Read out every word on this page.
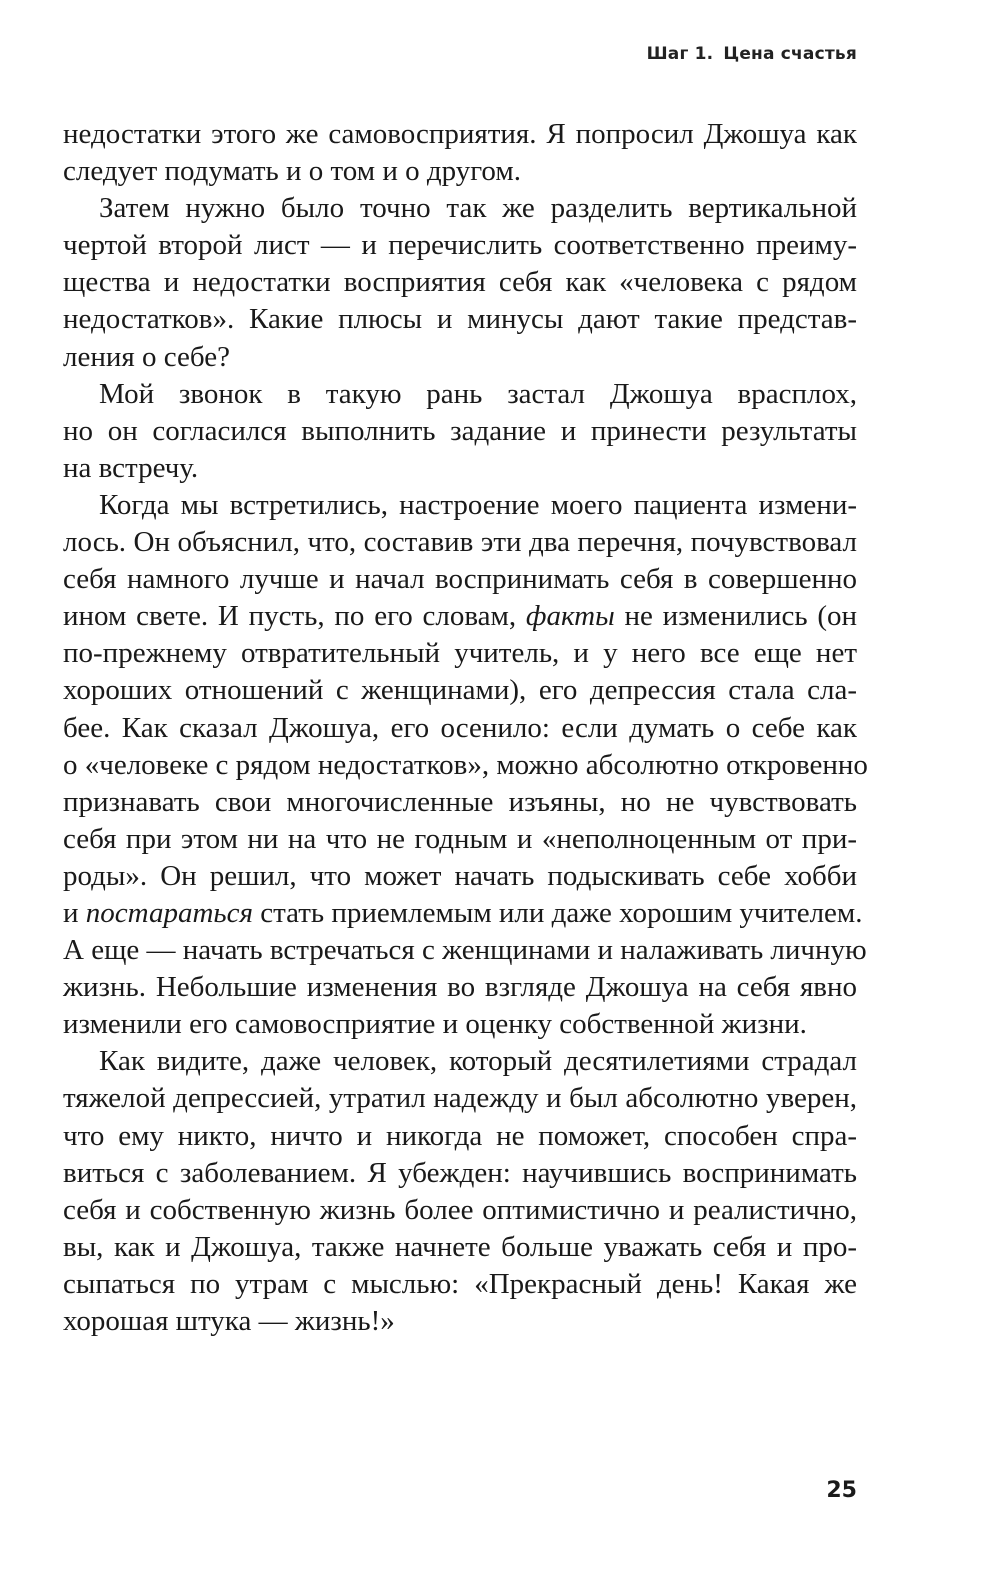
Шаг 1. Цена счастья
недостатки этого же самовосприятия. Я попросил Джошуа как
следует подумать и о том и о другом.
Затем нужно было точно так же разделить вертикальной
чертой второй лист — и перечислить соответственно преиму-
щества и недостатки восприятия себя как «человека с рядом
недостатков». Какие плюсы и минусы дают такие представ-
ления о себе?
Мой звонок в такую рань застал Джошуа врасплох,
но он согласился выполнить задание и принести результаты
на встречу.
Когда мы встретились, настроение моего пациента измени-
лось. Он объяснил, что, составив эти два перечня, почувствовал
себя намного лучше и начал воспринимать себя в совершенно
ином свете. И пусть, по его словам, факты не изменились (он
по-прежнему отвратительный учитель, и у него все еще нет
хороших отношений с женщинами), его депрессия стала сла-
бее. Как сказал Джошуа, его осенило: если думать о себе как
о «человеке с рядом недостатков», можно абсолютно откровенно
признавать свои многочисленные изъяны, но не чувствовать
себя при этом ни на что не годным и «неполноценным от при-
роды». Он решил, что может начать подыскивать себе хобби
и постараться стать приемлемым или даже хорошим учителем.
А еще — начать встречаться с женщинами и налаживать личную
жизнь. Небольшие изменения во взгляде Джошуа на себя явно
изменили его самовосприятие и оценку собственной жизни.
Как видите, даже человек, который десятилетиями страдал
тяжелой депрессией, утратил надежду и был абсолютно уверен,
что ему никто, ничто и никогда не поможет, способен спра-
виться с заболеванием. Я убежден: научившись воспринимать
себя и собственную жизнь более оптимистично и реалистично,
вы, как и Джошуа, также начнете больше уважать себя и про-
сыпаться по утрам с мыслью: «Прекрасный день! Какая же
хорошая штука — жизнь!»
25
